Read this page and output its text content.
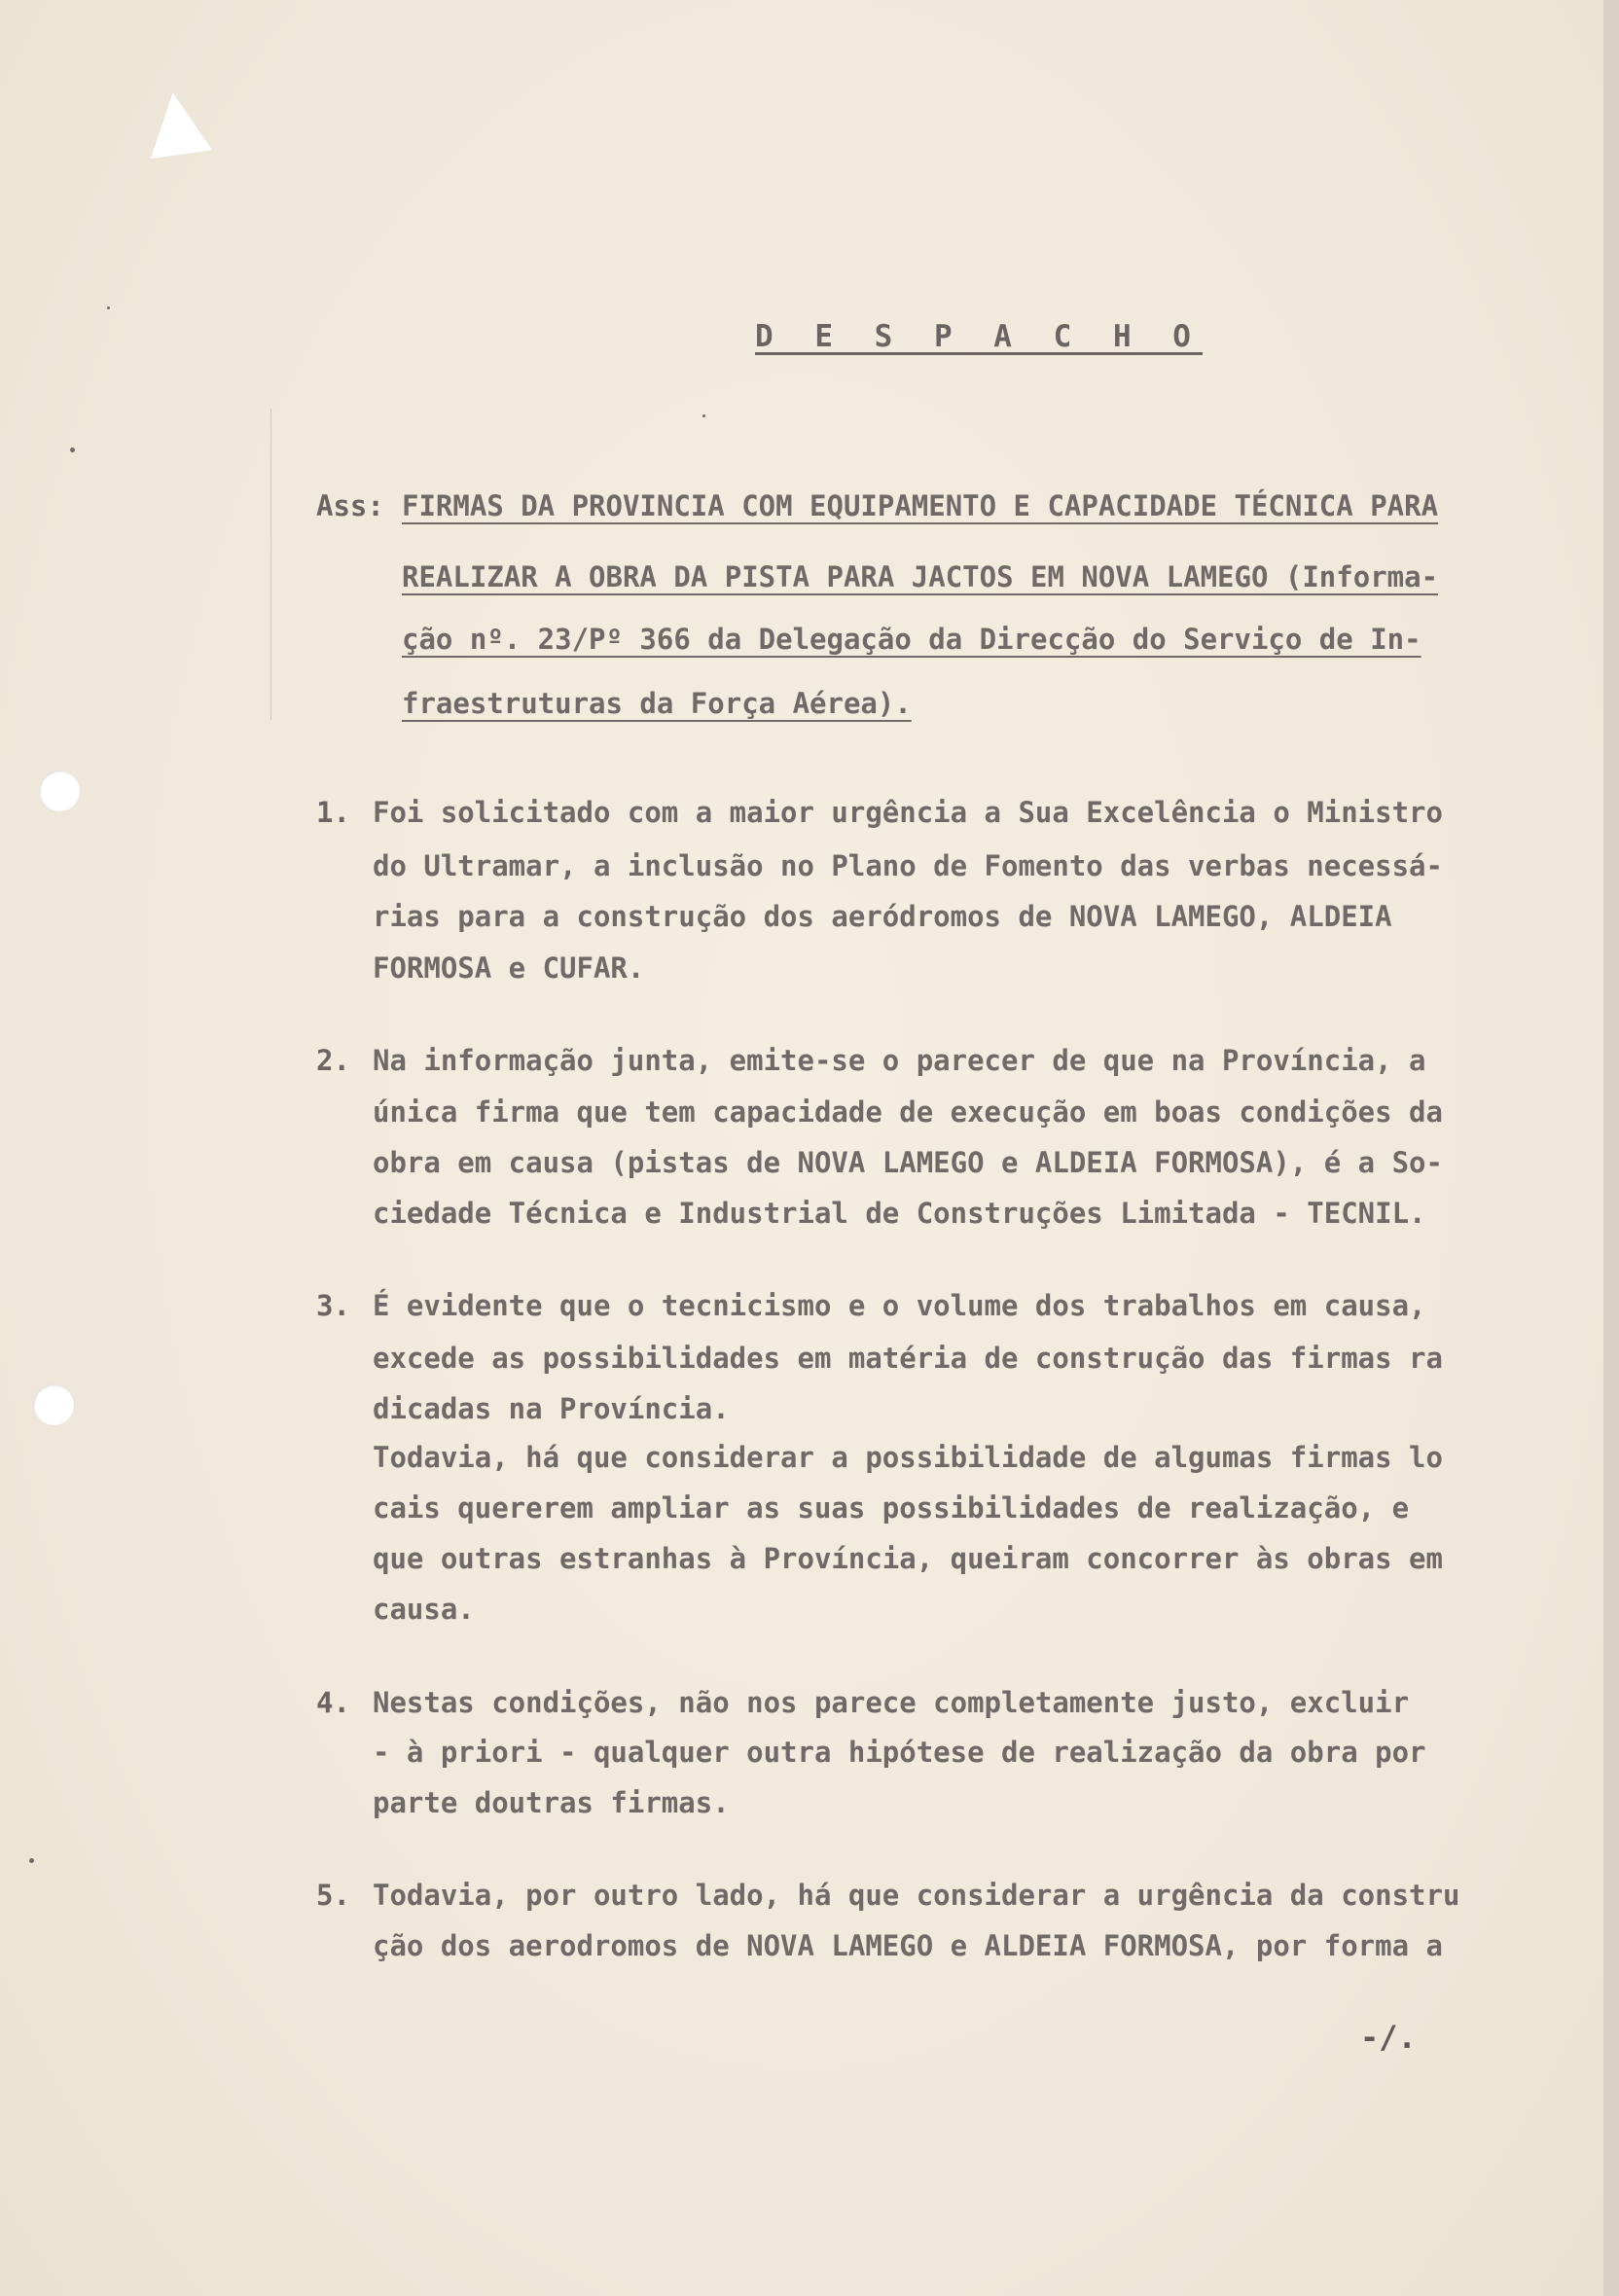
D E S P A C H O
Ass: FIRMAS DA PROVINCIA COM EQUIPAMENTO E CAPACIDADE TÉCNICA PARA
REALIZAR A OBRA DA PISTA PARA JACTOS EM NOVA LAMEGO (Informa-
ção nº. 23/Pº 366 da Delegação da Direcção do Serviço de In-
fraestruturas da Força Aérea).
1. Foi solicitado com a maior urgência a Sua Excelência o Ministro
do Ultramar, a inclusão no Plano de Fomento das verbas necessá-
rias para a construção dos aeródromos de NOVA LAMEGO, ALDEIA
FORMOSA e CUFAR.
2. Na informação junta, emite-se o parecer de que na Província, a
única firma que tem capacidade de execução em boas condições da
obra em causa (pistas de NOVA LAMEGO e ALDEIA FORMOSA), é a So-
ciedade Técnica e Industrial de Construções Limitada - TECNIL.
3. É evidente que o tecnicismo e o volume dos trabalhos em causa,
excede as possibilidades em matéria de construção das firmas ra
dicadas na Província.
Todavia, há que considerar a possibilidade de algumas firmas lo
cais quererem ampliar as suas possibilidades de realização, e
que outras estranhas à Província, queiram concorrer às obras em
causa.
4. Nestas condições, não nos parece completamente justo, excluir
- à priori - qualquer outra hipótese de realização da obra por
parte doutras firmas.
5. Todavia, por outro lado, há que considerar a urgência da constru
ção dos aerodromos de NOVA LAMEGO e ALDEIA FORMOSA, por forma a
-/.
